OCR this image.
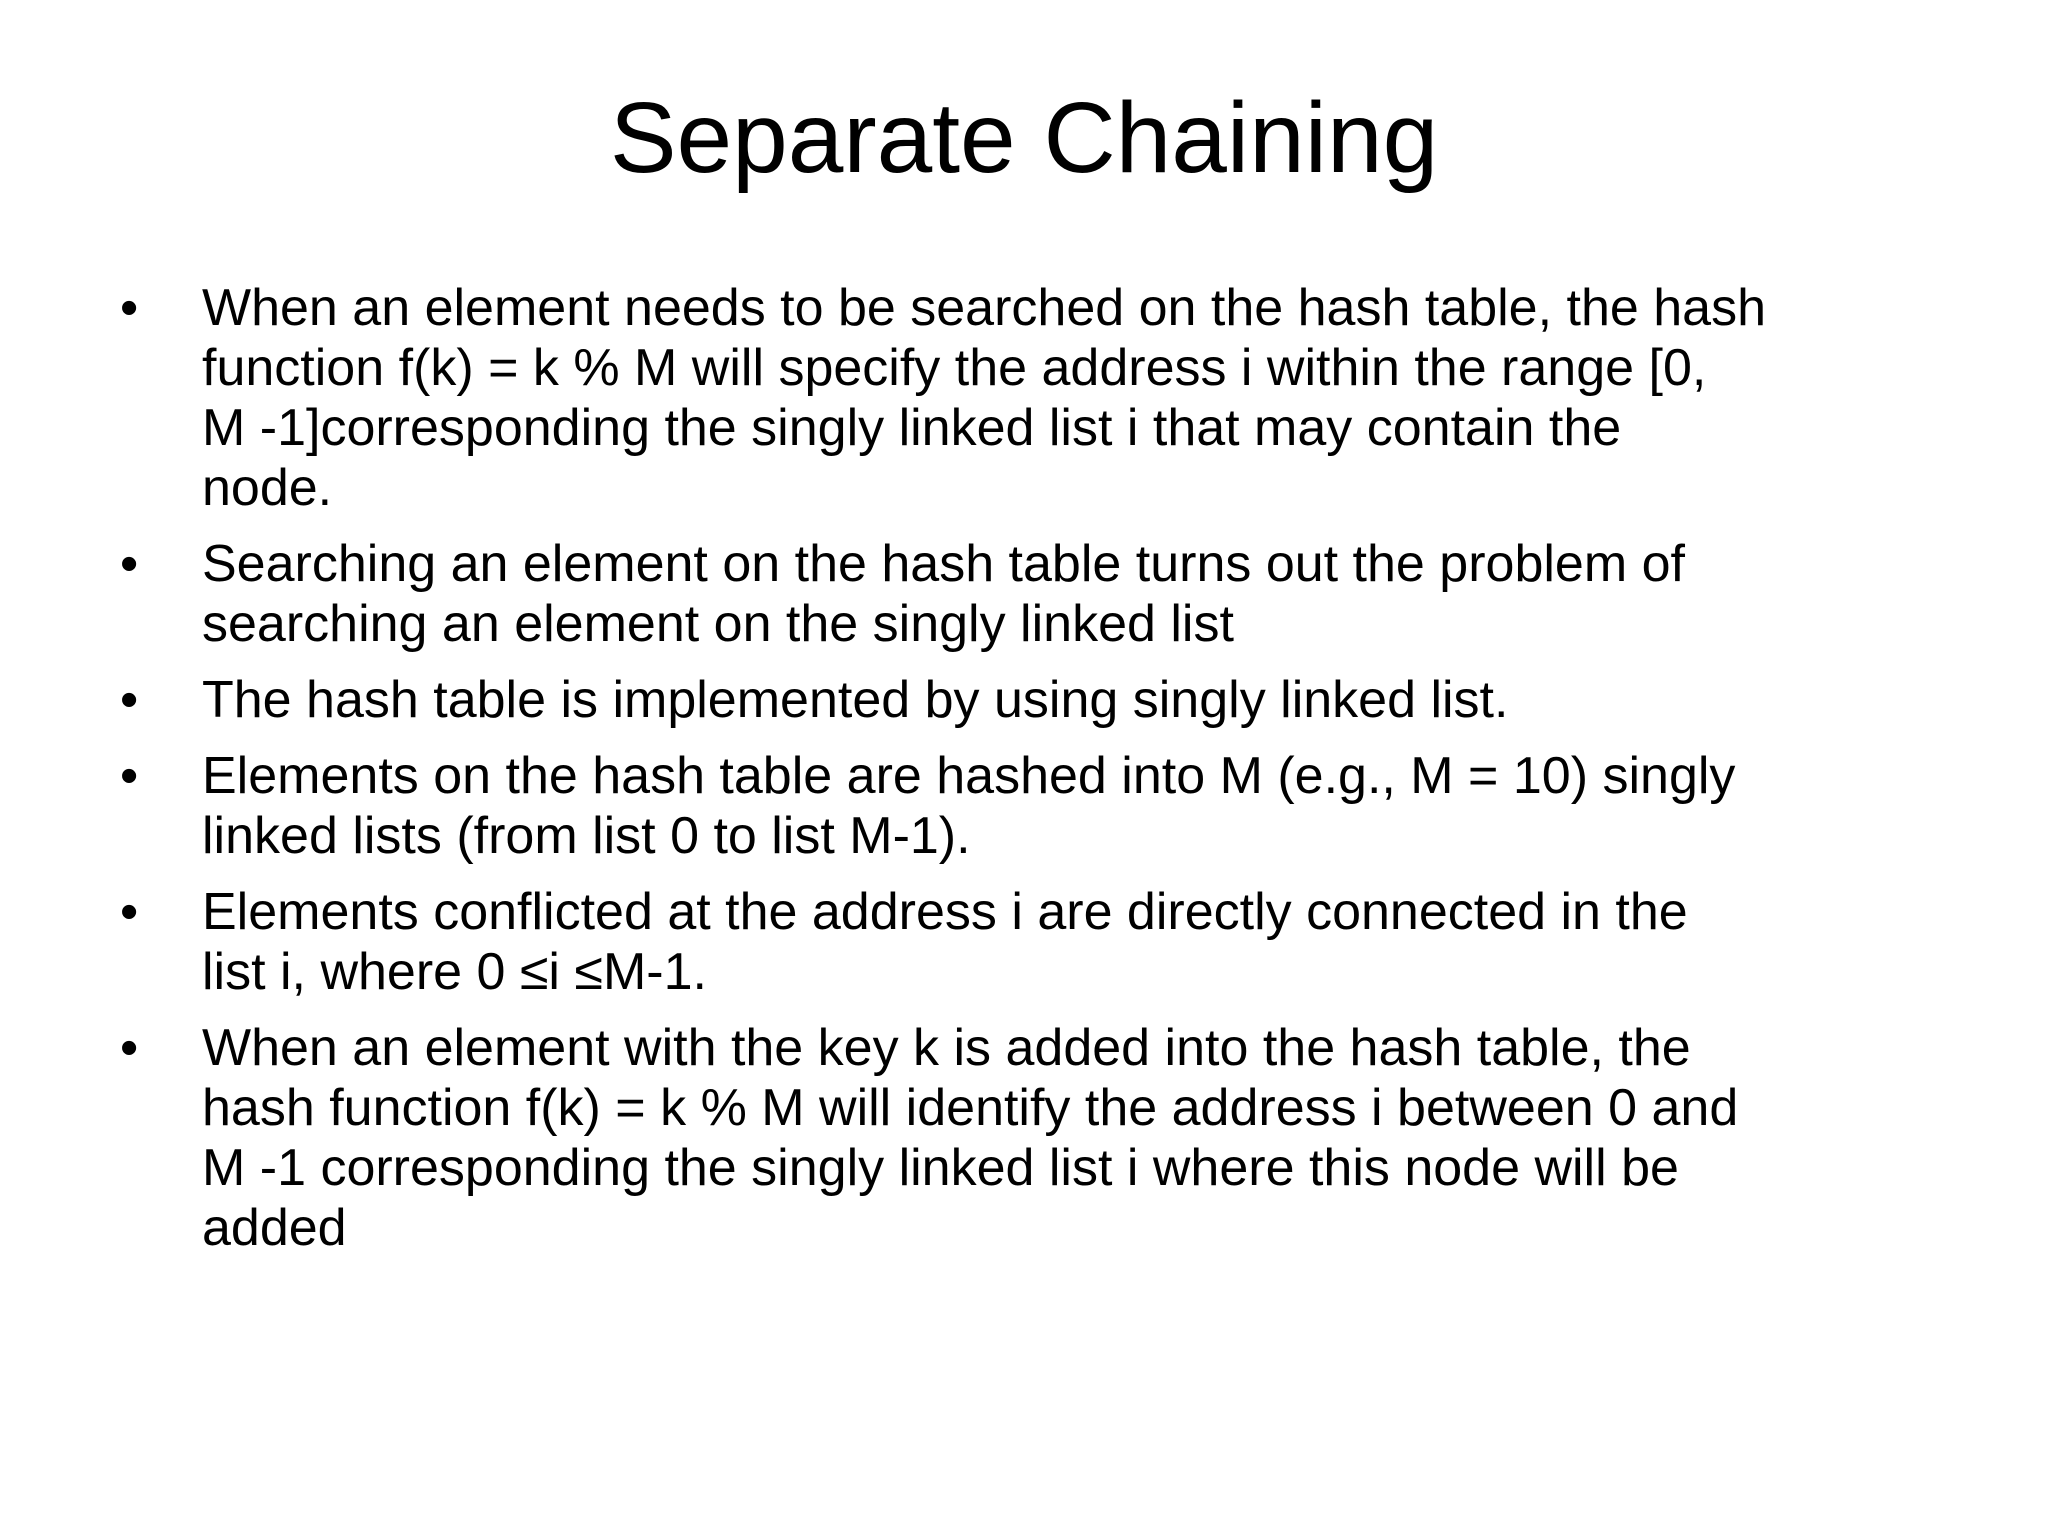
Separate Chaining
•	When an element needs to be searched on the hash table, the hash
function f(k) = k % M will specify the address i within the range [0,
M -1]corresponding the singly linked list i that may contain the
node.
•	Searching an element on the hash table turns out the problem of
searching an element on the singly linked list
•	The hash table is implemented by using singly linked list.
•	Elements on the hash table are hashed into M (e.g., M = 10) singly
linked lists (from list 0 to list M-1).
•	Elements conflicted at the address i are directly connected in the
list i, where 0 ≤i ≤M-1.
•	When an element with the key k is added into the hash table, the
hash function f(k) = k % M will identify the address i between 0 and
M -1 corresponding the singly linked list i where this node will be
added
